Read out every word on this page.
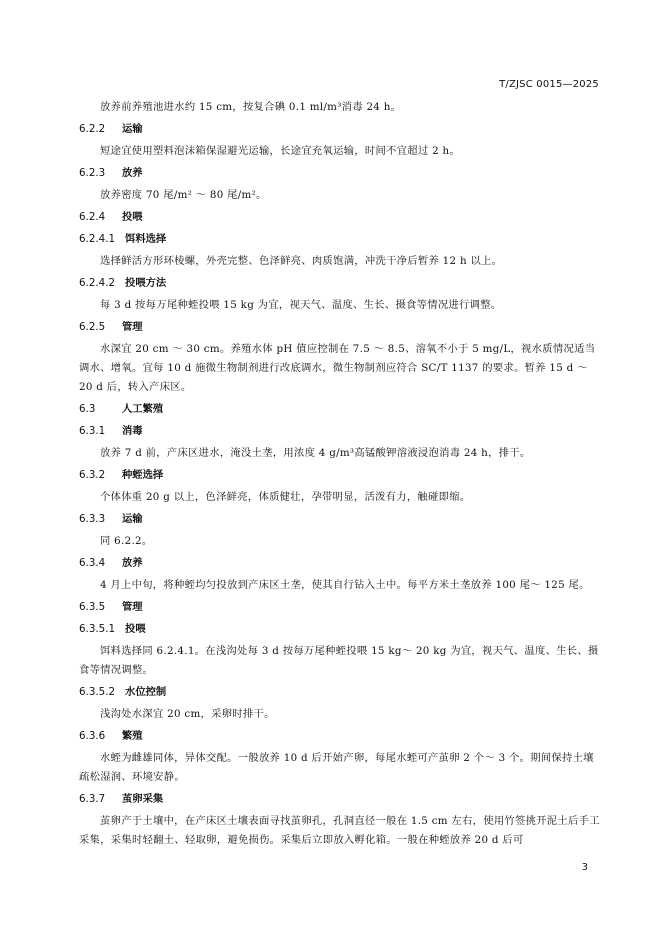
T/ZJSC 0015—2025

放养前养殖池进水约 15 cm，按复合碘 0.1 ml/m³消毒 24 h。

6.2.2	运输

短途宜使用塑料泡沫箱保湿避光运输，长途宜充氧运输，时间不宜超过 2 h。

6.2.3	放养

放养密度 70 尾/m² ～ 80 尾/m²。

6.2.4	投喂
6.2.4.1 饵料选择

选择鲜活方形环棱螺，外壳完整、色泽鲜亮、肉质饱满，冲洗干净后暂养 12 h 以上。

6.2.4.2 投喂方法

每 3 d 按每万尾种蛭投喂 15 kg 为宜，视天气、温度、生长、摄食等情况进行调整。

6.2.5	管理

水深宜 20 cm ～ 30 cm。养殖水体 pH 值应控制在 7.5 ～ 8.5、溶氧不小于 5 mg/L，视水质情况适当调水、增氧。宜每 10 d 施微生物制剂进行改底调水，微生物制剂应符合 SC/T 1137 的要求。暂养 15 d ～ 20 d 后，转入产床区。

6.3	人工繁殖
6.3.1	消毒

放养 7 d 前，产床区进水，淹没土垄，用浓度 4 g/m³高锰酸钾溶液浸泡消毒 24 h，排干。

6.3.2	种蛭选择

个体体重 20 g 以上，色泽鲜亮，体质健壮，孕带明显，活泼有力，触碰即缩。

6.3.3	运输

同 6.2.2。

6.3.4	放养

4 月上中旬，将种蛭均匀投放到产床区土垄，使其自行钻入土中。每平方米土垄放养 100 尾～ 125 尾。

6.3.5	管理
6.3.5.1 投喂

饵料选择同 6.2.4.1。在浅沟处每 3 d 按每万尾种蛭投喂 15 kg～ 20 kg 为宜，视天气、温度、生长、摄食等情况调整。

6.3.5.2 水位控制

浅沟处水深宜 20 cm，采卵时排干。

6.3.6	繁殖

水蛭为雌雄同体，异体交配。一般放养 10 d 后开始产卵，每尾水蛭可产茧卵 2 个～ 3 个。期间保持土壤疏松湿润、环境安静。

6.3.7	茧卵采集

茧卵产于土壤中，在产床区土壤表面寻找茧卵孔，孔洞直径一般在 1.5 cm 左右，使用竹签挑开泥土后手工采集，采集时轻翻土、轻取卵，避免损伤。采集后立即放入孵化箱。一般在种蛭放养 20 d 后可

3
